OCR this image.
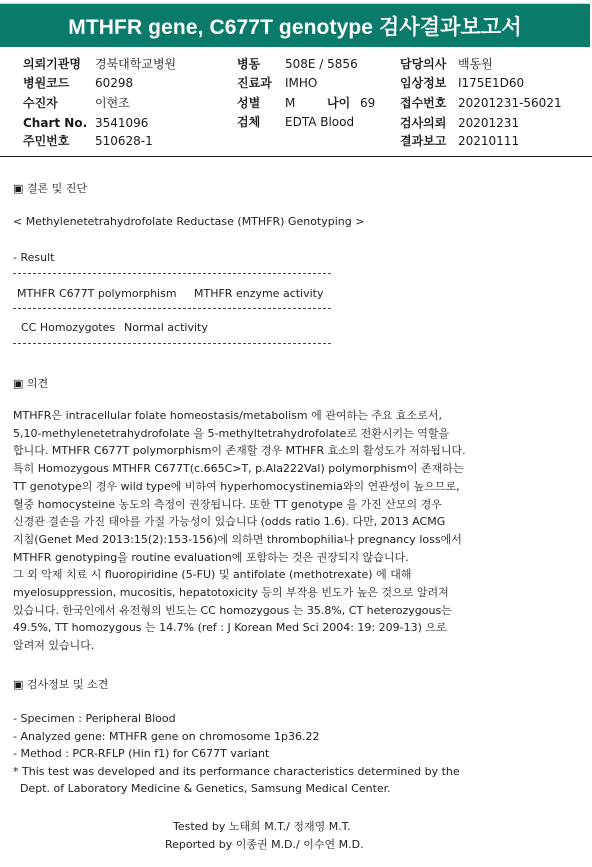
MTHFR gene, C677T genotype 검사결과보고서
의뢰기관명 경북대학교병원
병원코드 60298
수진자	이현조
Chart No. 3541096
주민번호 510628-1
병동 508E / 5856
진료과 IMHO
성별 M	나이 69
검체 EDTA Blood
담당의사 백동원
임상정보 I175E1D60
접수번호 20201231-56021
검사의뢰 20201231
결과보고 20210111
▣ 결론 및 진단
< Methylenetetrahydrofolate Reductase (MTHFR) Genotyping >
- Result
MTHFR C677T polymorphism MTHFR enzyme activity
CC Homozygotes Normal activity
▣ 의견
MTHFR은 intracellular folate homeostasis/metabolism 에 관여하는 주요 효소로서,
5,10-methylenetetrahydrofolate 을 5-methyltetrahydrofolate로 전환시키는 역할을
합니다. MTHFR C677T polymorphism이 존재할 경우 MTHFR 효소의 활성도가 저하됩니다.
특히 Homozygous MTHFR C677T(c.665C>T, p.Ala222Val) polymorphism이 존재하는
TT genotype의 경우 wild type에 비하여 hyperhomocystinemia와의 연관성이 높으므로,
혈중 homocysteine 농도의 측정이 권장됩니다. 또한 TT genotype 을 가진 산모의 경우
신경관 결손을 가진 태아를 가질 가능성이 있습니다 (odds ratio 1.6). 다만, 2013 ACMG
지침(Genet Med 2013:15(2):153-156)에 의하면 thrombophilia나 pregnancy loss에서
MTHFR genotyping을 routine evaluation에 포함하는 것은 권장되지 않습니다.
그 외 악제 치료 시 fluoropiridine (5-FU) 및 antifolate (methotrexate) 에 대해
myelosuppression, mucositis, hepatotoxicity 등의 부작용 빈도가 높은 것으로 알려져
있습니다. 한국인에서 유전형의 빈도는 CC homozygous 는 35.8%, CT heterozygous는
49.5%, TT homozygous 는 14.7% (ref : J Korean Med Sci 2004: 19: 209-13) 으로
알려져 있습니다.
▣ 검사정보 및 소견
- Specimen : Peripheral Blood
- Analyzed gene: MTHFR gene on chromosome 1p36.22
- Method : PCR-RFLP (Hin f1) for C677T variant
* This test was developed and its performance characteristics determined by the
Dept. of Laboratory Medicine & Genetics, Samsung Medical Center.
Tested by 노태희 M.T./ 정재영 M.T.
Reported by 이종권 M.D./ 이수연 M.D.
